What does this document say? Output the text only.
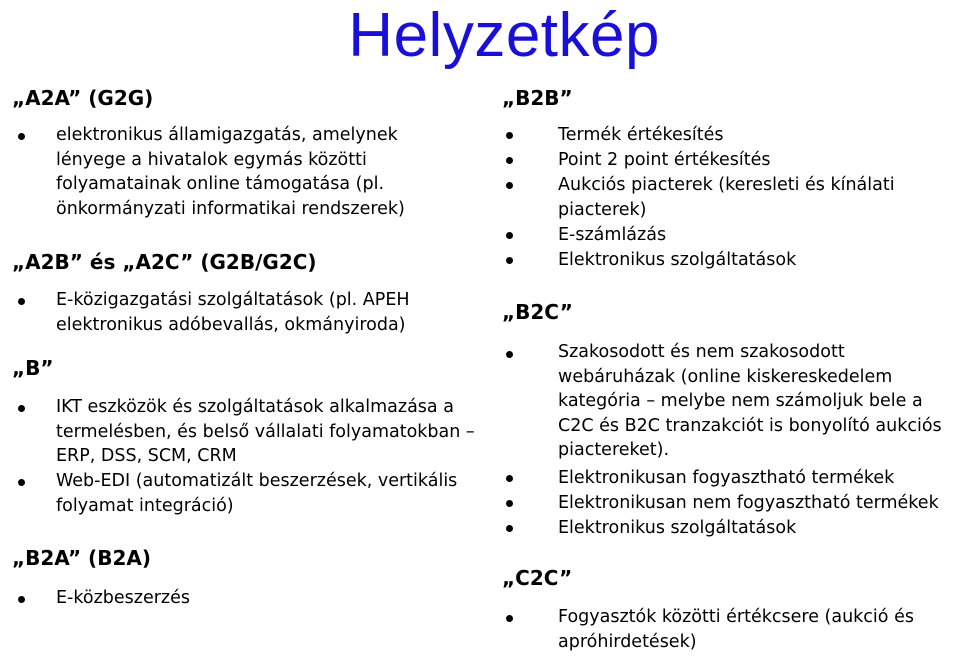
Helyzetkép
„A2A” (G2G)
elektronikus államigazgatás, amelynek lényege a hivatalok egymás közötti folyamatainak online támogatása (pl. önkormányzati informatikai rendszerek)
„A2B” és „A2C” (G2B/G2C)
E-közigazgatási szolgáltatások (pl. APEH elektronikus adóbevallás, okmányiroda)
„B”
IKT eszközök és szolgáltatások alkalmazása a termelésben, és belső vállalati folyamatokban – ERP, DSS, SCM, CRM
Web-EDI (automatizált beszerzések, vertikális folyamat integráció)
„B2A” (B2A)
E-közbeszerzés
„B2B”
Termék értékesítés
Point 2 point értékesítés
Aukciós piacterek (keresleti és kínálati piacterek)
E-számlázás
Elektronikus szolgáltatások
„B2C”
Szakosodott és nem szakosodott webáruházak (online kiskereskedelem kategória – melybe nem számoljuk bele a C2C és B2C tranzakciót is bonyolító aukciós piactereket).
Elektronikusan fogyasztható termékek
Elektronikusan nem fogyasztható termékek
Elektronikus szolgáltatások
„C2C”
Fogyasztók közötti értékcsere (aukció és apróhirdetések)
